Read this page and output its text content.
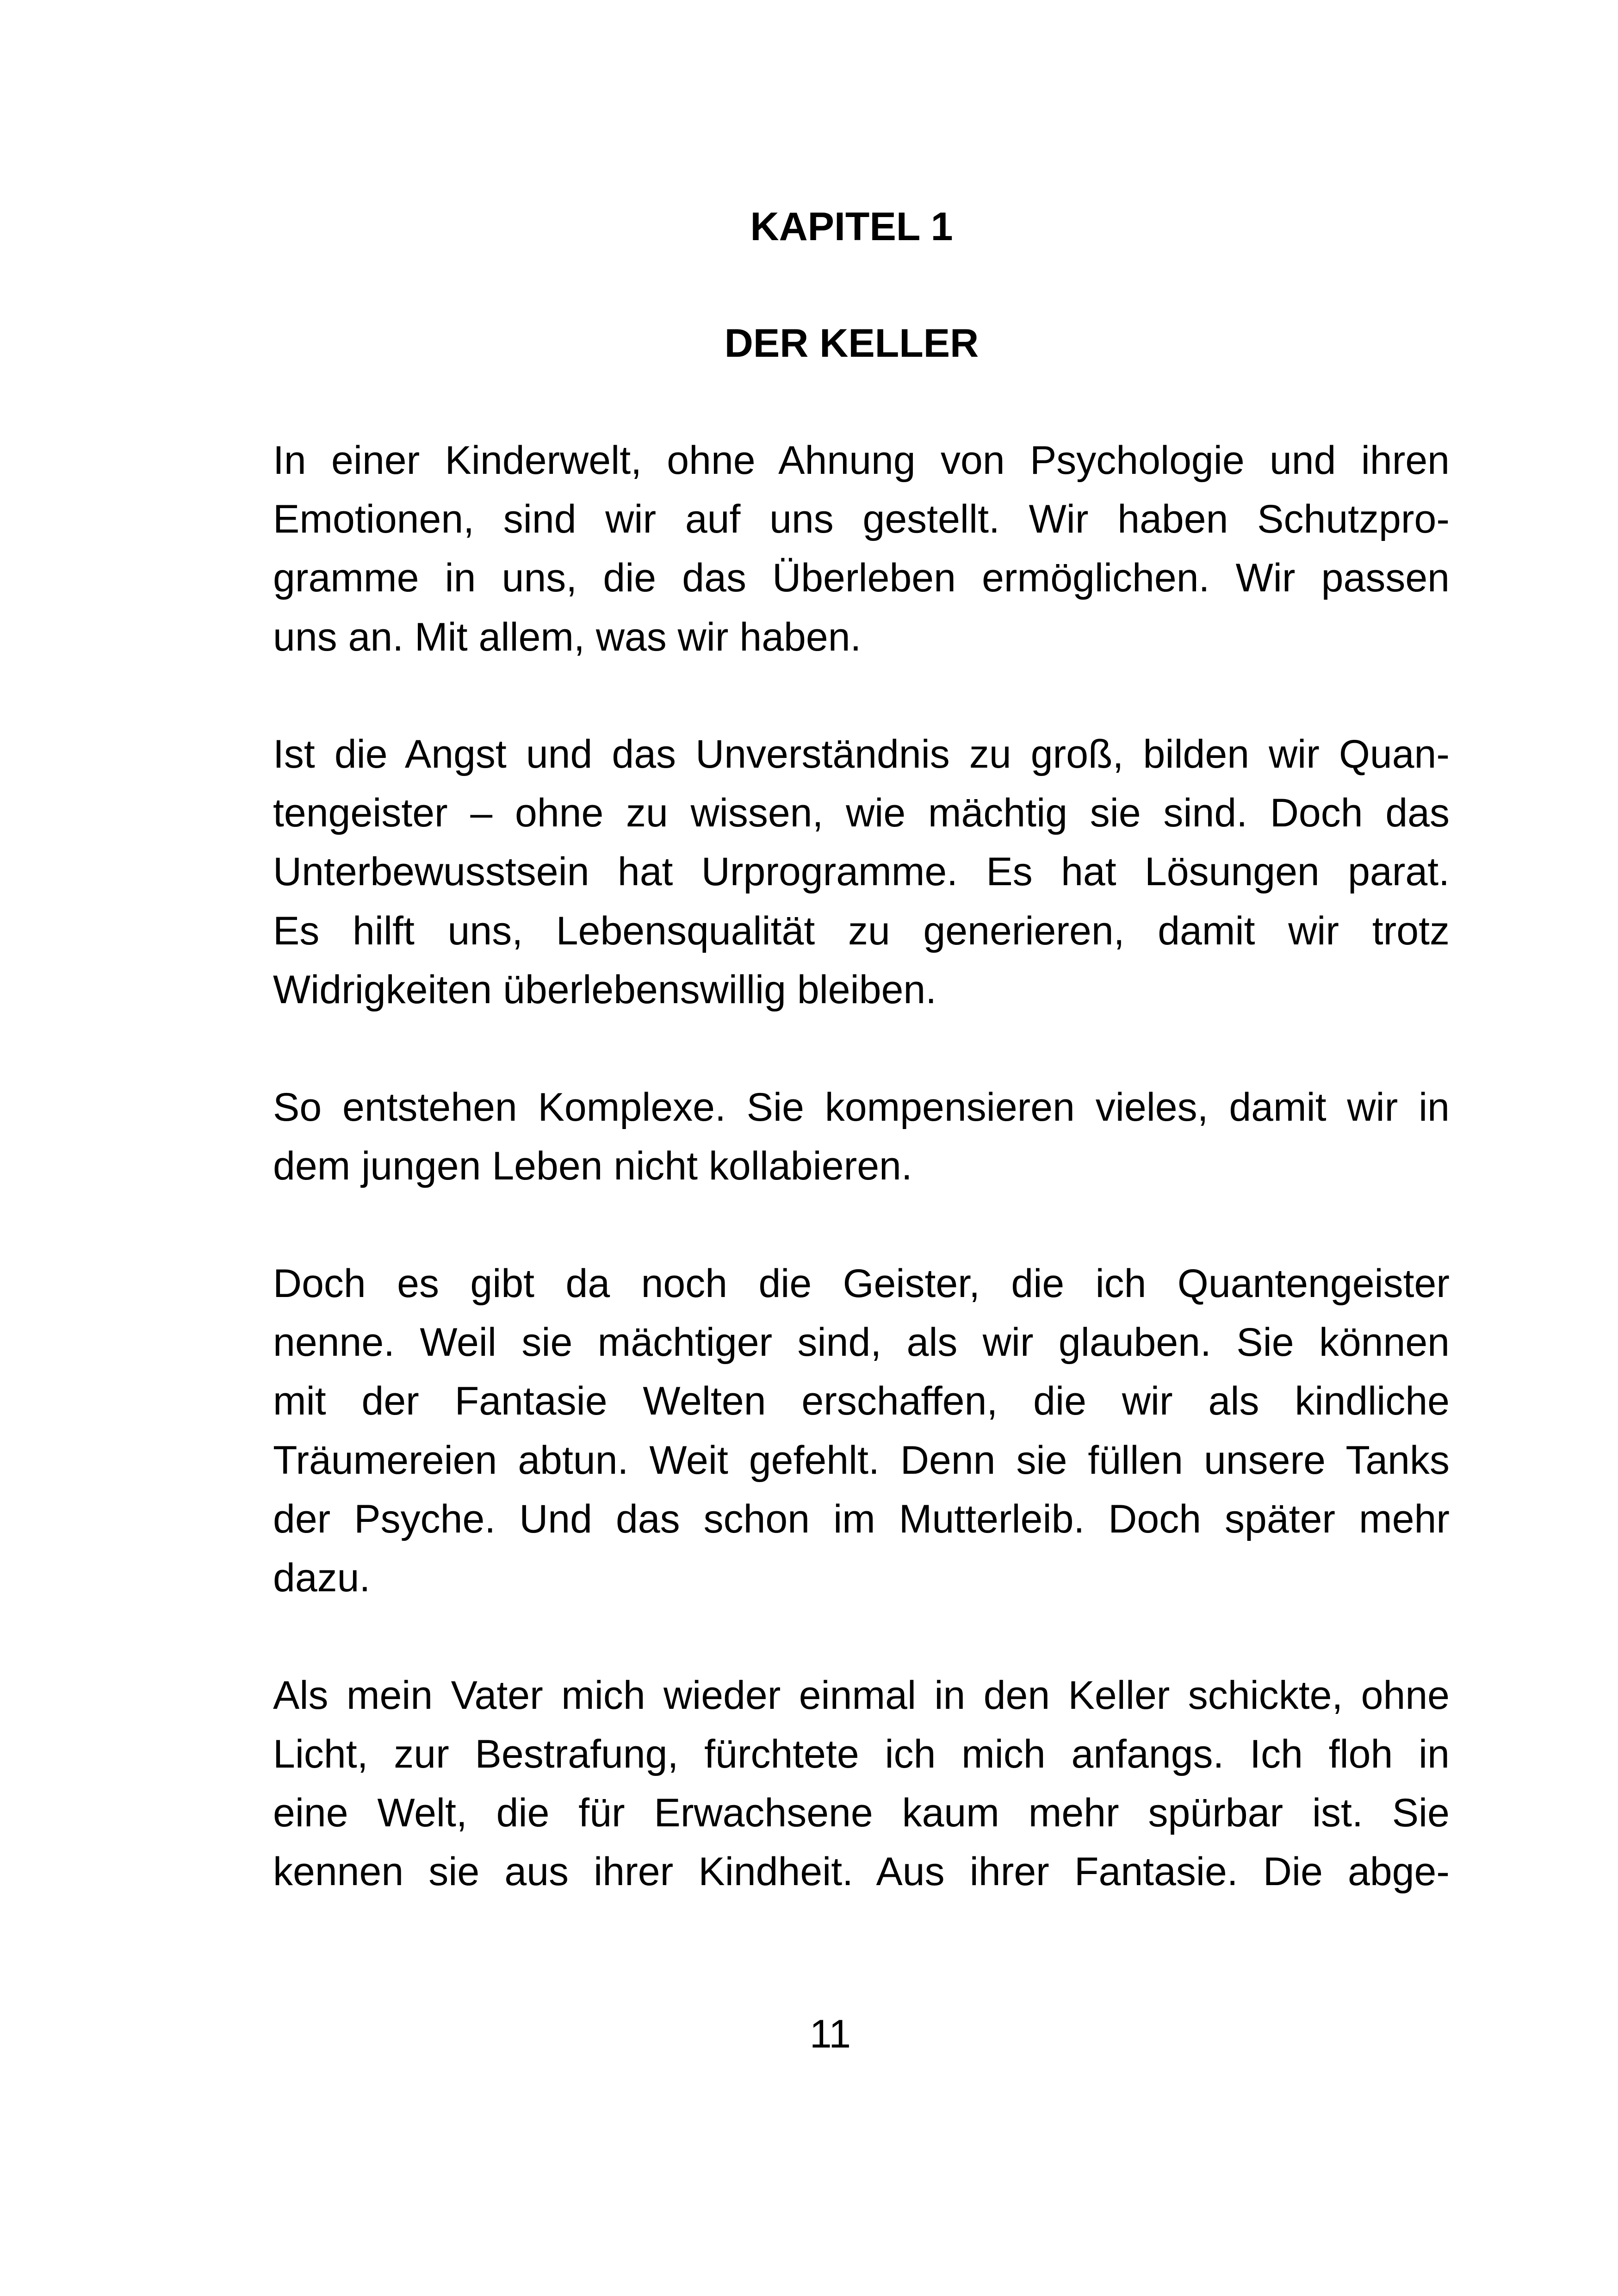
KAPITEL 1
DER KELLER
In einer Kinderwelt, ohne Ahnung von Psychologie und ihren
Emotionen, sind wir auf uns gestellt. Wir haben Schutzpro-
gramme in uns, die das Überleben ermöglichen. Wir passen
uns an. Mit allem, was wir haben.
Ist die Angst und das Unverständnis zu groß, bilden wir Quan-
tengeister – ohne zu wissen, wie mächtig sie sind. Doch das
Unterbewusstsein hat Urprogramme. Es hat Lösungen parat.
Es hilft uns, Lebensqualität zu generieren, damit wir trotz
Widrigkeiten überlebenswillig bleiben.
So entstehen Komplexe. Sie kompensieren vieles, damit wir in
dem jungen Leben nicht kollabieren.
Doch es gibt da noch die Geister, die ich Quantengeister
nenne. Weil sie mächtiger sind, als wir glauben. Sie können
mit der Fantasie Welten erschaffen, die wir als kindliche
Träumereien abtun. Weit gefehlt. Denn sie füllen unsere Tanks
der Psyche. Und das schon im Mutterleib. Doch später mehr
dazu.
Als mein Vater mich wieder einmal in den Keller schickte, ohne
Licht, zur Bestrafung, fürchtete ich mich anfangs. Ich floh in
eine Welt, die für Erwachsene kaum mehr spürbar ist. Sie
kennen sie aus ihrer Kindheit. Aus ihrer Fantasie. Die abge-
11
